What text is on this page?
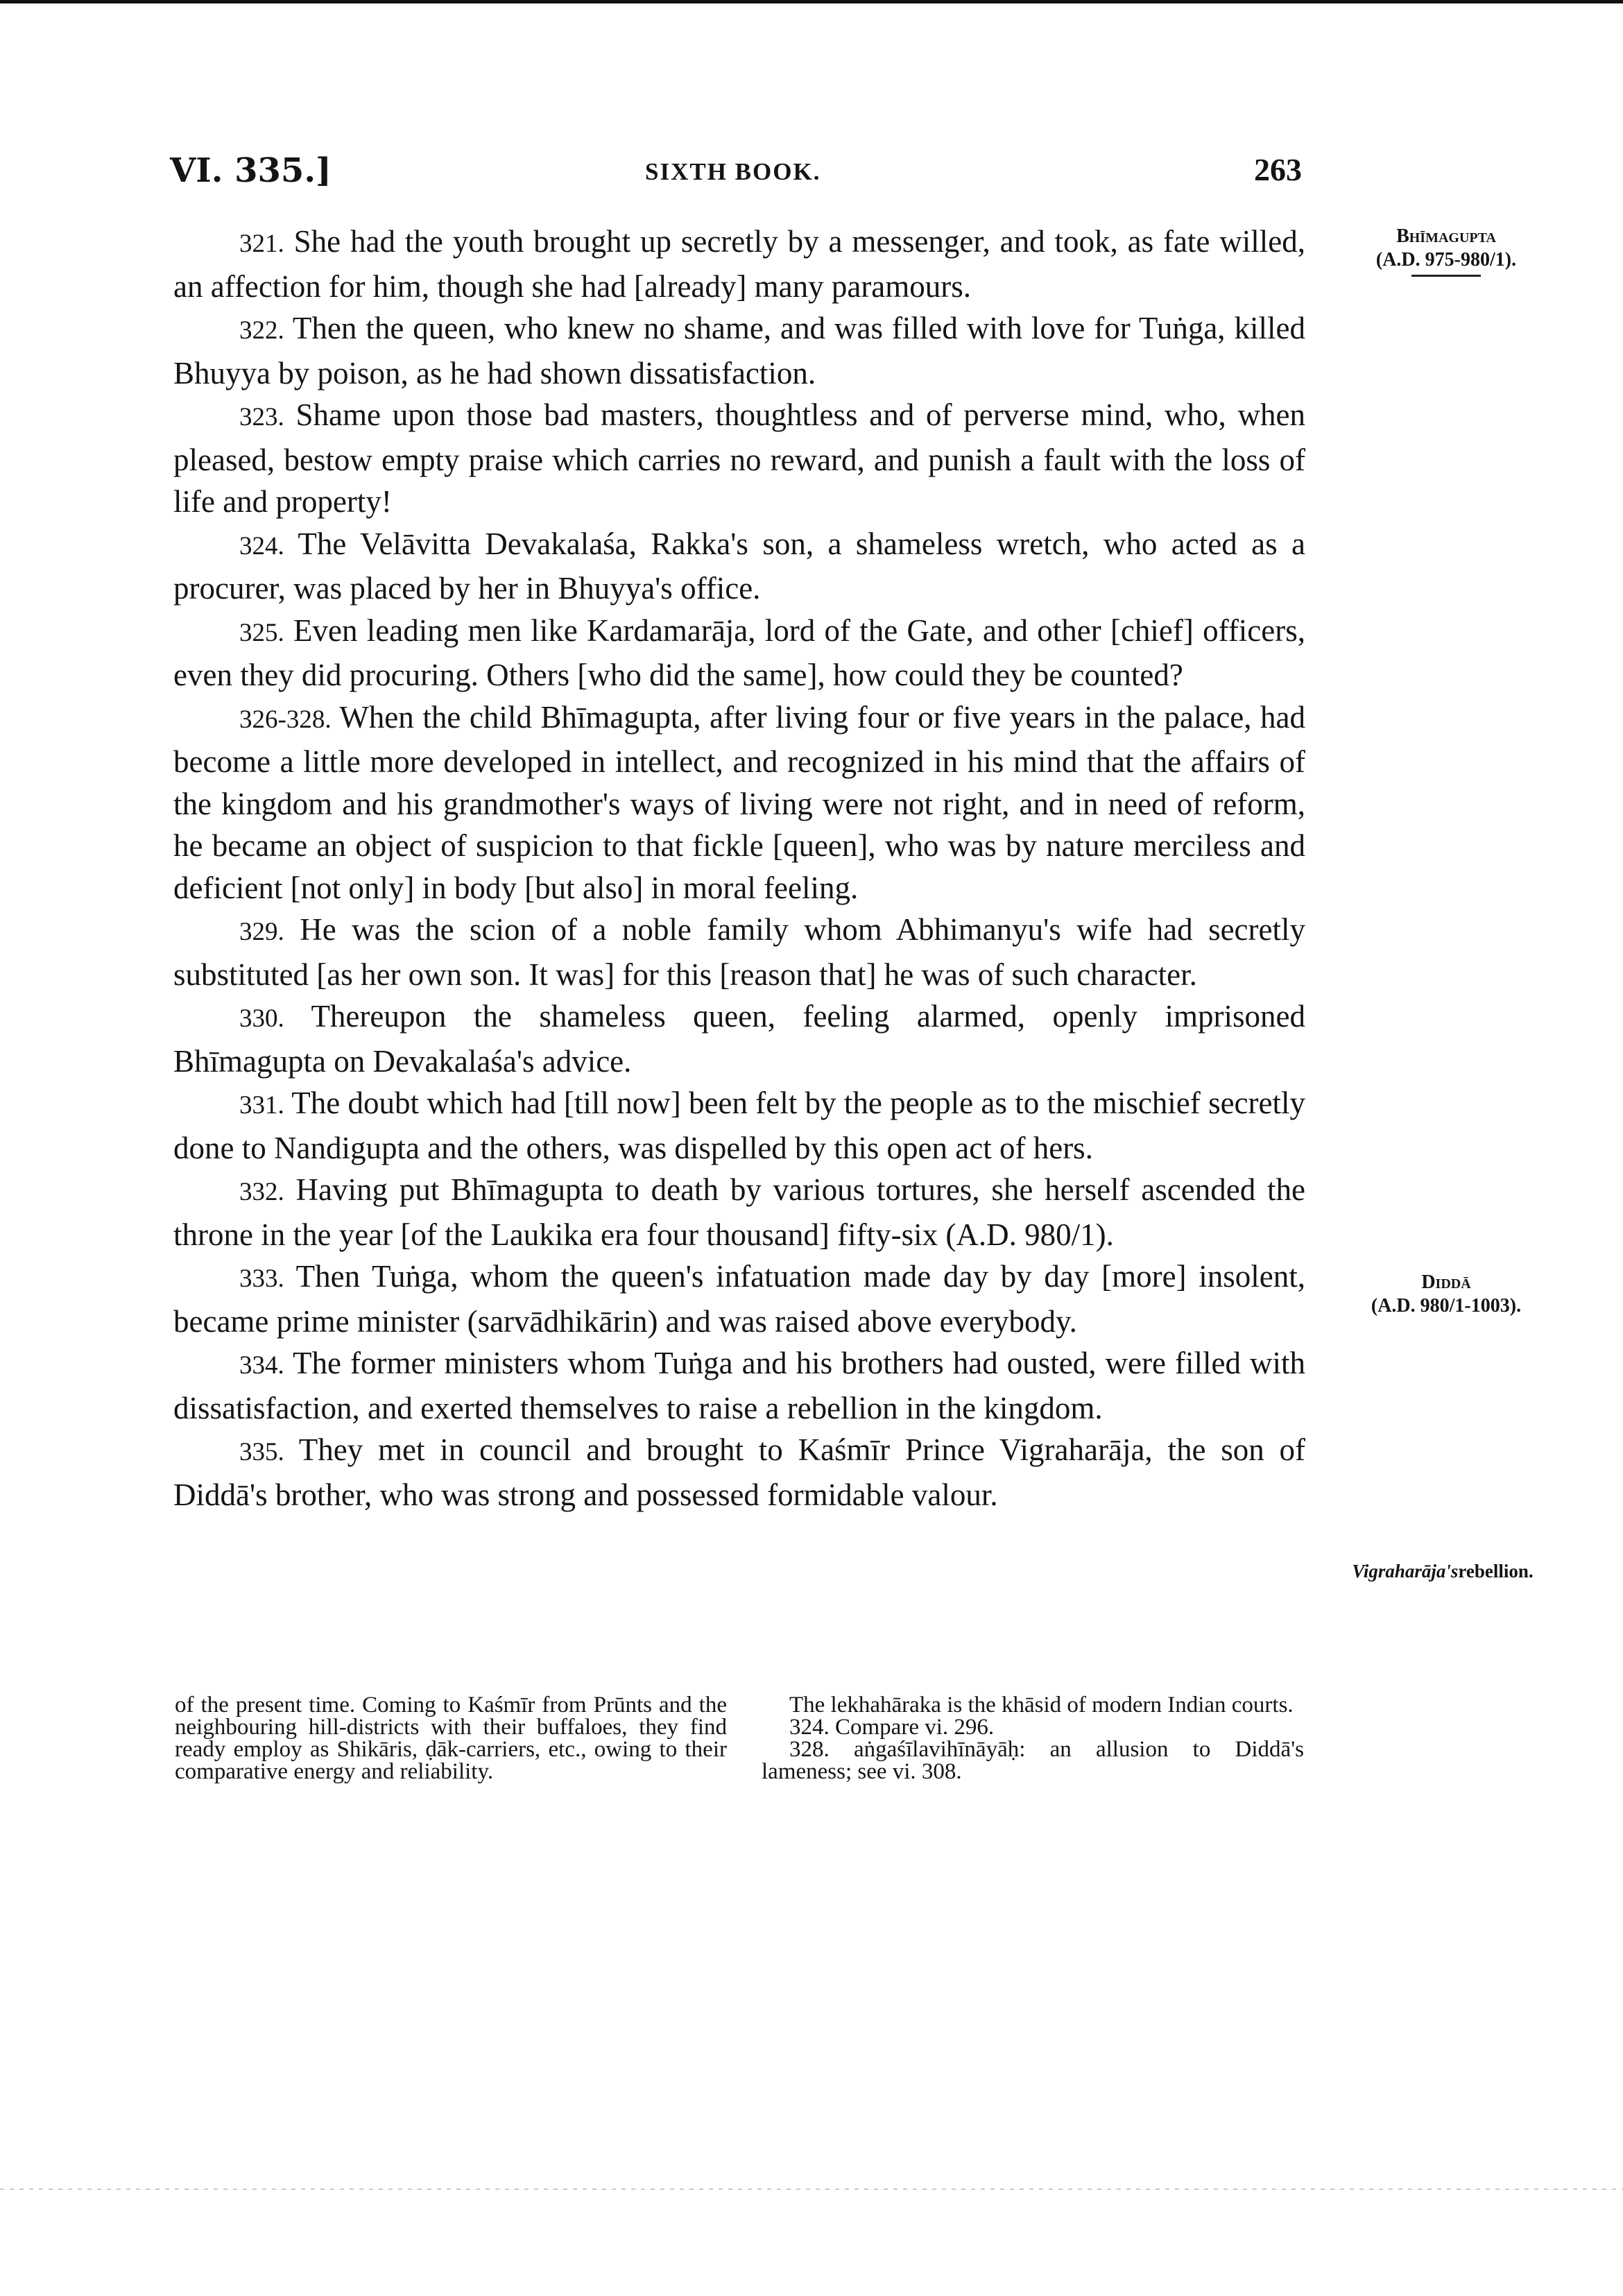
VI. 335.]	SIXTH BOOK.	263

321. She had the youth brought up secretly by a messenger, and took, as fate willed, an affection for him, though she had [already] many paramours.

322. Then the queen, who knew no shame, and was filled with love for Tuṅga, killed Bhuyya by poison, as he had shown dissatisfaction.

323. Shame upon those bad masters, thoughtless and of perverse mind, who, when pleased, bestow empty praise which carries no reward, and punish a fault with the loss of life and property!

324. The Velāvitta Devakalaśa, Rakka's son, a shameless wretch, who acted as a procurer, was placed by her in Bhuyya's office.

325. Even leading men like Kardamarāja, lord of the Gate, and other [chief] officers, even they did procuring. Others [who did the same], how could they be counted?

326-328. When the child Bhīmagupta, after living four or five years in the palace, had become a little more developed in intellect, and recognized in his mind that the affairs of the kingdom and his grandmother's ways of living were not right, and in need of reform, he became an object of suspicion to that fickle [queen], who was by nature merciless and deficient [not only] in body [but also] in moral feeling.

329. He was the scion of a noble family whom Abhimanyu's wife had secretly substituted [as her own son. It was] for this [reason that] he was of such character.

330. Thereupon the shameless queen, feeling alarmed, openly imprisoned Bhīmagupta on Devakalaśa's advice.

331. The doubt which had [till now] been felt by the people as to the mischief secretly done to Nandigupta and the others, was dispelled by this open act of hers.

332. Having put Bhīmagupta to death by various tortures, she herself ascended the throne in the year [of the Laukika era four thousand] fifty-six (A.D. 980/1).

333. Then Tuṅga, whom the queen's infatuation made day by day [more] insolent, became prime minister (sarvādhikārin) and was raised above everybody.

334. The former ministers whom Tuṅga and his brothers had ousted, were filled with dissatisfaction, and exerted themselves to raise a rebellion in the kingdom.

335. They met in council and brought to Kaśmīr Prince Vigraharāja, the son of Diddā's brother, who was strong and possessed formidable valour.

Bhīmagupta
(A.D. 975-980/1).
Diddā
(A.D. 980/1-1003).
Vigraharāja'srebellion.

of the present time. Coming to Kaśmīr from Prūnts and the neighbouring hill-districts with their buffaloes, they find ready employ as Shikāris, ḍāk-carriers, etc., owing to their comparative energy and reliability.

The lekhahāraka is the khāsid of modern Indian courts.

324. Compare vi. 296.

328. aṅgaśīlavihīnāyāḥ: an allusion to Diddā's lameness; see vi. 308.
